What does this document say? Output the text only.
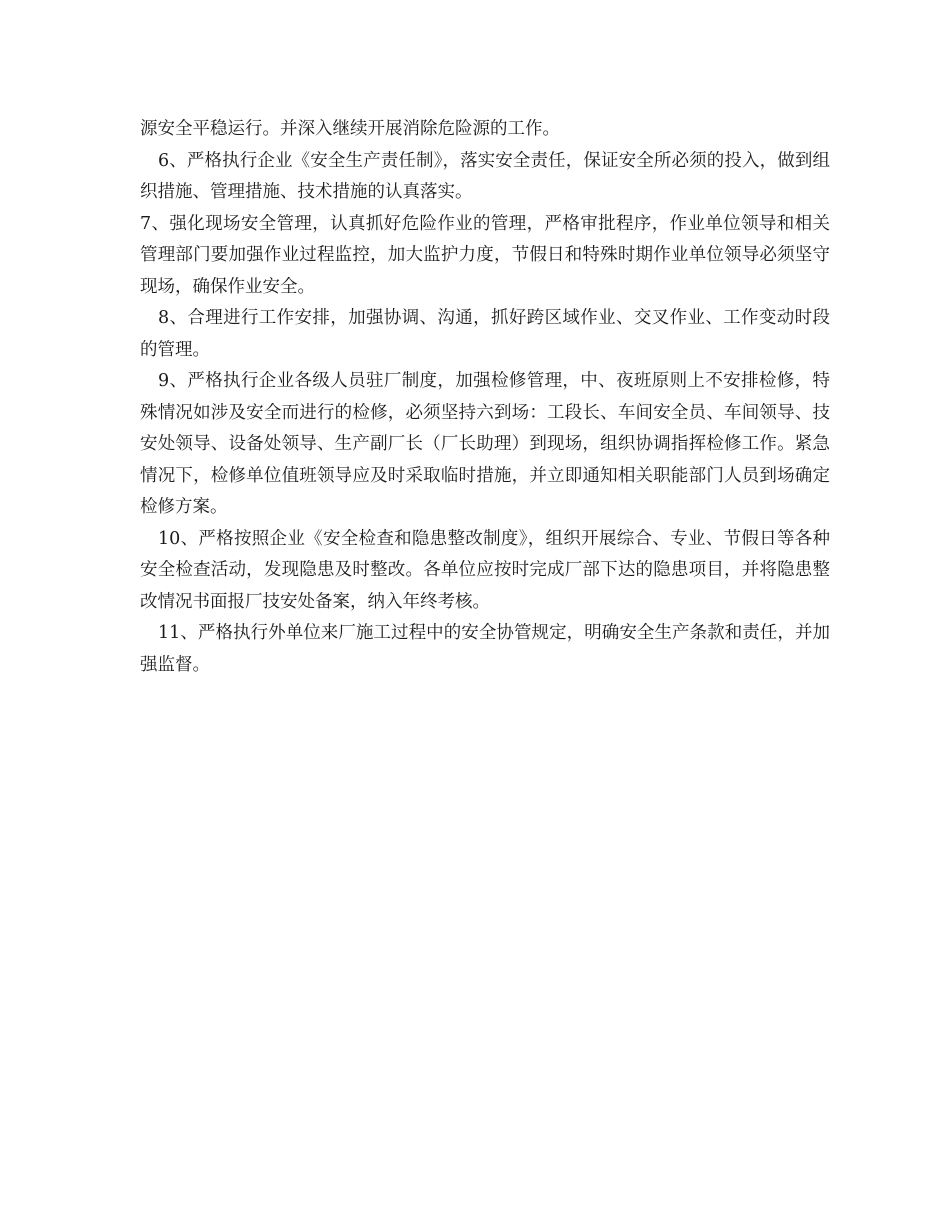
源安全平稳运行。并深入继续开展消除危险源的工作。

6、严格执行企业《安全生产责任制》，落实安全责任，保证安全所必须的投入，做到组织措施、管理措施、技术措施的认真落实。

7、强化现场安全管理，认真抓好危险作业的管理，严格审批程序，作业单位领导和相关管理部门要加强作业过程监控，加大监护力度，节假日和特殊时期作业单位领导必须坚守现场，确保作业安全。

8、合理进行工作安排，加强协调、沟通，抓好跨区域作业、交叉作业、工作变动时段的管理。

9、严格执行企业各级人员驻厂制度，加强检修管理，中、夜班原则上不安排检修，特殊情况如涉及安全而进行的检修，必须坚持六到场：工段长、车间安全员、车间领导、技安处领导、设备处领导、生产副厂长（厂长助理）到现场，组织协调指挥检修工作。紧急情况下，检修单位值班领导应及时采取临时措施，并立即通知相关职能部门人员到场确定检修方案。

10、严格按照企业《安全检查和隐患整改制度》，组织开展综合、专业、节假日等各种安全检查活动，发现隐患及时整改。各单位应按时完成厂部下达的隐患项目，并将隐患整改情况书面报厂技安处备案，纳入年终考核。

11、严格执行外单位来厂施工过程中的安全协管规定，明确安全生产条款和责任，并加强监督。
